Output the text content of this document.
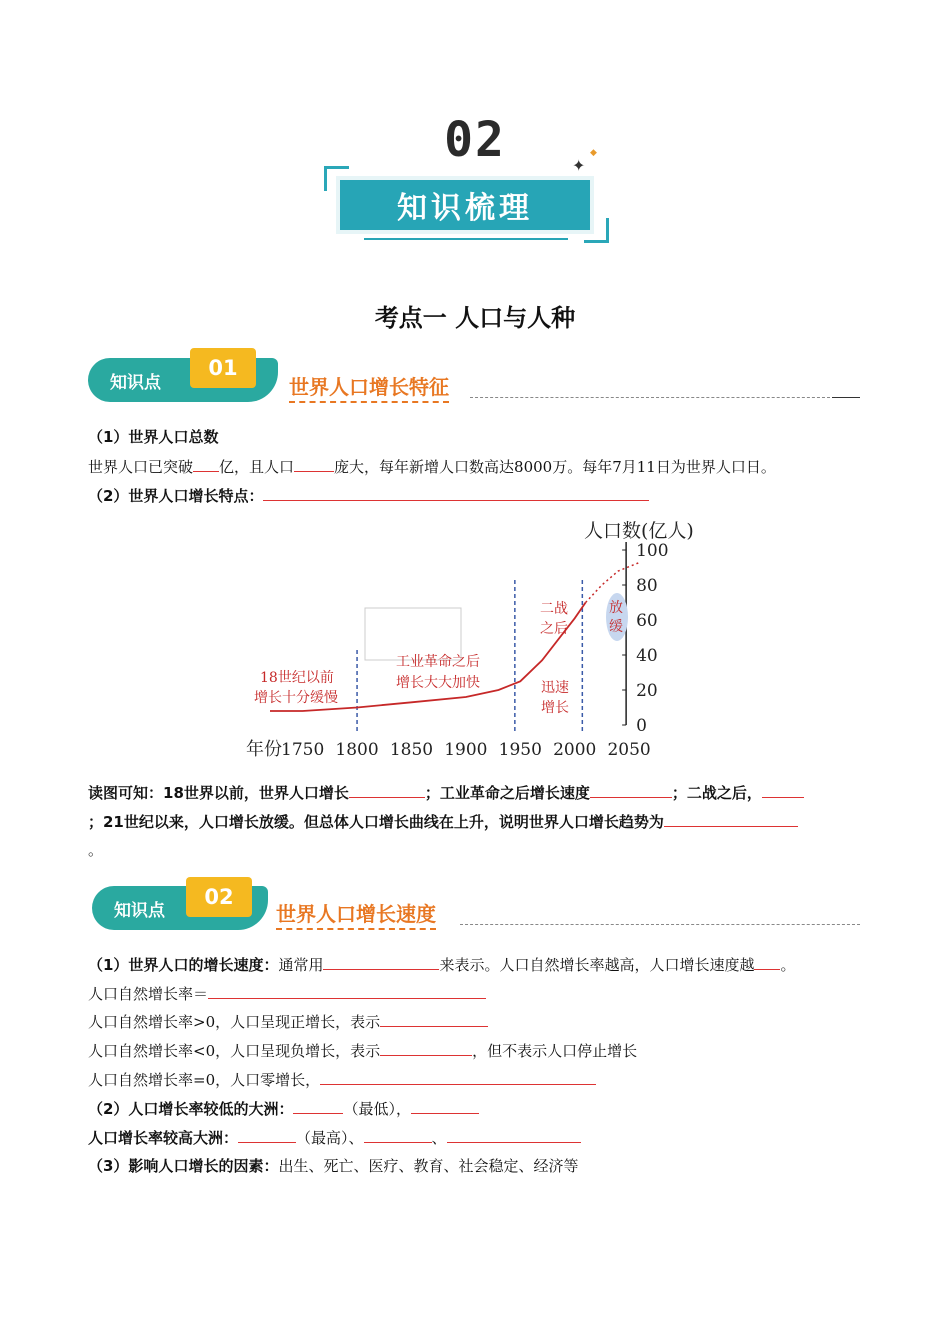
02	✦
◆
知识梳理
考点一 人口与人种
知识点
01
世界人口增长特征
（1）世界人口总数
世界人口已突破 亿，且人口	庞大，每年新增人口数高达8000万。每年7月11日为世界人口日。
（2）世界人口增长特点：
0
20
40
60
80
100
1750 1800 1850 1900 1950 2000 2050
人口数(亿人)
年份
18世纪以前
增长十分缓慢
工业革命之后
增长大大加快
二战
之后
迅速
增长
放
缓
读图可知：18世界以前，世界人口增长	；工业革命之后增长速度	；二战之后，
；21世纪以来，人口增长放缓。但总体人口增长曲线在上升，说明世界人口增长趋势为
。
知识点
02
世界人口增长速度
（1）世界人口的增长速度：通常用	来表示。人口自然增长率越高，人口增长速度越 。
人口自然增长率＝
人口自然增长率>0，人口呈现正增长，表示
人口自然增长率<0，人口呈现负增长，表示	，但不表示人口停止增长
人口自然增长率=0，人口零增长，
（2）人口增长率较低的大洲：	（最低），
人口增长率较高大洲：	（最高）、	、
（3）影响人口增长的因素：出生、死亡、医疗、教育、社会稳定、经济等
